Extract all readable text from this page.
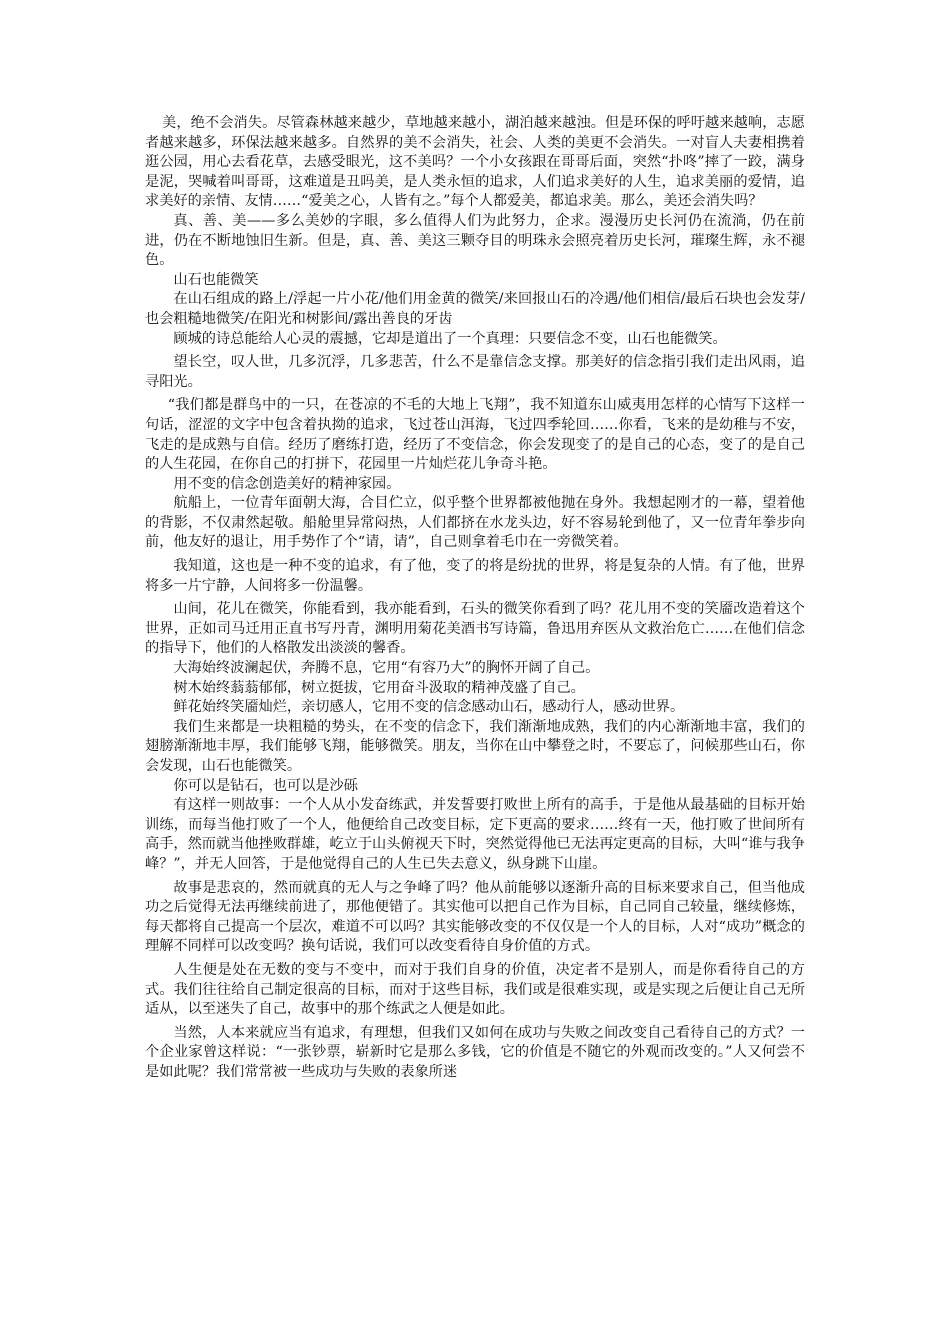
美，绝不会消失。尽管森林越来越少，草地越来越小，湖泊越来越浊。但是环保的呼吁越来越响，志愿者越来越多，环保法越来越多。自然界的美不会消失，社会、人类的美更不会消失。一对盲人夫妻相携着逛公园，用心去看花草，去感受眼光，这不美吗？一个小女孩跟在哥哥后面，突然“扑咚”摔了一跤，满身是泥，哭喊着叫哥哥，这难道是丑吗美，是人类永恒的追求，人们追求美好的人生，追求美丽的爱情，追求美好的亲情、友情……“爱美之心，人皆有之。”每个人都爱美，都追求美。那么，美还会消失吗？

真、善、美——多么美妙的字眼，多么值得人们为此努力，企求。漫漫历史长河仍在流淌，仍在前进，仍在不断地蚀旧生新。但是，真、善、美这三颗夺目的明珠永会照亮着历史长河，璀璨生辉，永不褪色。

山石也能微笑

在山石组成的路上/浮起一片小花/他们用金黄的微笑/来回报山石的冷遇/他们相信/最后石块也会发芽/也会粗糙地微笑/在阳光和树影间/露出善良的牙齿

顾城的诗总能给人心灵的震撼，它却是道出了一个真理：只要信念不变，山石也能微笑。

望长空，叹人世，几多沉浮，几多悲苦，什么不是靠信念支撑。那美好的信念指引我们走出风雨，追寻阳光。

“我们都是群鸟中的一只，在苍凉的不毛的大地上飞翔”，我不知道东山威夷用怎样的心情写下这样一句话，涩涩的文字中包含着执拗的追求，飞过苍山洱海，飞过四季轮回……你看，飞来的是幼稚与不安，飞走的是成熟与自信。经历了磨练打造，经历了不变信念，你会发现变了的是自己的心态，变了的是自己的人生花园，在你自己的打拼下，花园里一片灿烂花儿争奇斗艳。

用不变的信念创造美好的精神家园。

航船上，一位青年面朝大海，合目伫立，似乎整个世界都被他抛在身外。我想起刚才的一幕，望着他的背影，不仅肃然起敬。船舱里异常闷热，人们都挤在水龙头边，好不容易轮到他了，又一位青年拳步向前，他友好的退让，用手势作了个“请，请”，自己则拿着毛巾在一旁微笑着。

我知道，这也是一种不变的追求，有了他，变了的将是纷扰的世界，将是复杂的人情。有了他，世界将多一片宁静，人间将多一份温馨。

山间，花儿在微笑，你能看到，我亦能看到，石头的微笑你看到了吗？花儿用不变的笑靥改造着这个世界，正如司马迁用正直书写丹青，渊明用菊花美酒书写诗篇，鲁迅用弃医从文救治危亡……在他们信念的指导下，他们的人格散发出淡淡的馨香。

大海始终波澜起伏，奔腾不息，它用“有容乃大”的胸怀开阔了自己。

树木始终蓊蓊郁郁，树立挺拔，它用奋斗汲取的精神茂盛了自己。

鲜花始终笑靥灿烂，亲切感人，它用不变的信念感动山石，感动行人，感动世界。

我们生来都是一块粗糙的势头，在不变的信念下，我们渐渐地成熟，我们的内心渐渐地丰富，我们的翅膀渐渐地丰厚，我们能够飞翔，能够微笑。朋友，当你在山中攀登之时，不要忘了，问候那些山石，你会发现，山石也能微笑。

你可以是钻石，也可以是沙砾

有这样一则故事：一个人从小发奋练武，并发誓要打败世上所有的高手，于是他从最基础的目标开始训练，而每当他打败了一个人，他便给自己改变目标，定下更高的要求……终有一天，他打败了世间所有高手，然而就当他挫败群雄，屹立于山头俯视天下时，突然觉得他已无法再定更高的目标，大叫“谁与我争峰？”，并无人回答，于是他觉得自己的人生已失去意义，纵身跳下山崖。

故事是悲哀的，然而就真的无人与之争峰了吗？他从前能够以逐渐升高的目标来要求自己，但当他成功之后觉得无法再继续前进了，那他便错了。其实他可以把自己作为目标，自己同自己较量，继续修炼，每天都将自己提高一个层次，难道不可以吗？其实能够改变的不仅仅是一个人的目标，人对“成功”概念的理解不同样可以改变吗？换句话说，我们可以改变看待自身价值的方式。

人生便是处在无数的变与不变中，而对于我们自身的价值，决定者不是别人，而是你看待自己的方式。我们往往给自己制定很高的目标，而对于这些目标，我们或是很难实现，或是实现之后便让自己无所适从，以至迷失了自己，故事中的那个练武之人便是如此。

当然，人本来就应当有追求，有理想，但我们又如何在成功与失败之间改变自己看待自己的方式？一个企业家曾这样说：“一张钞票，崭新时它是那么多钱，它的价值是不随它的外观而改变的。”人又何尝不是如此呢？我们常常被一些成功与失败的表象所迷
